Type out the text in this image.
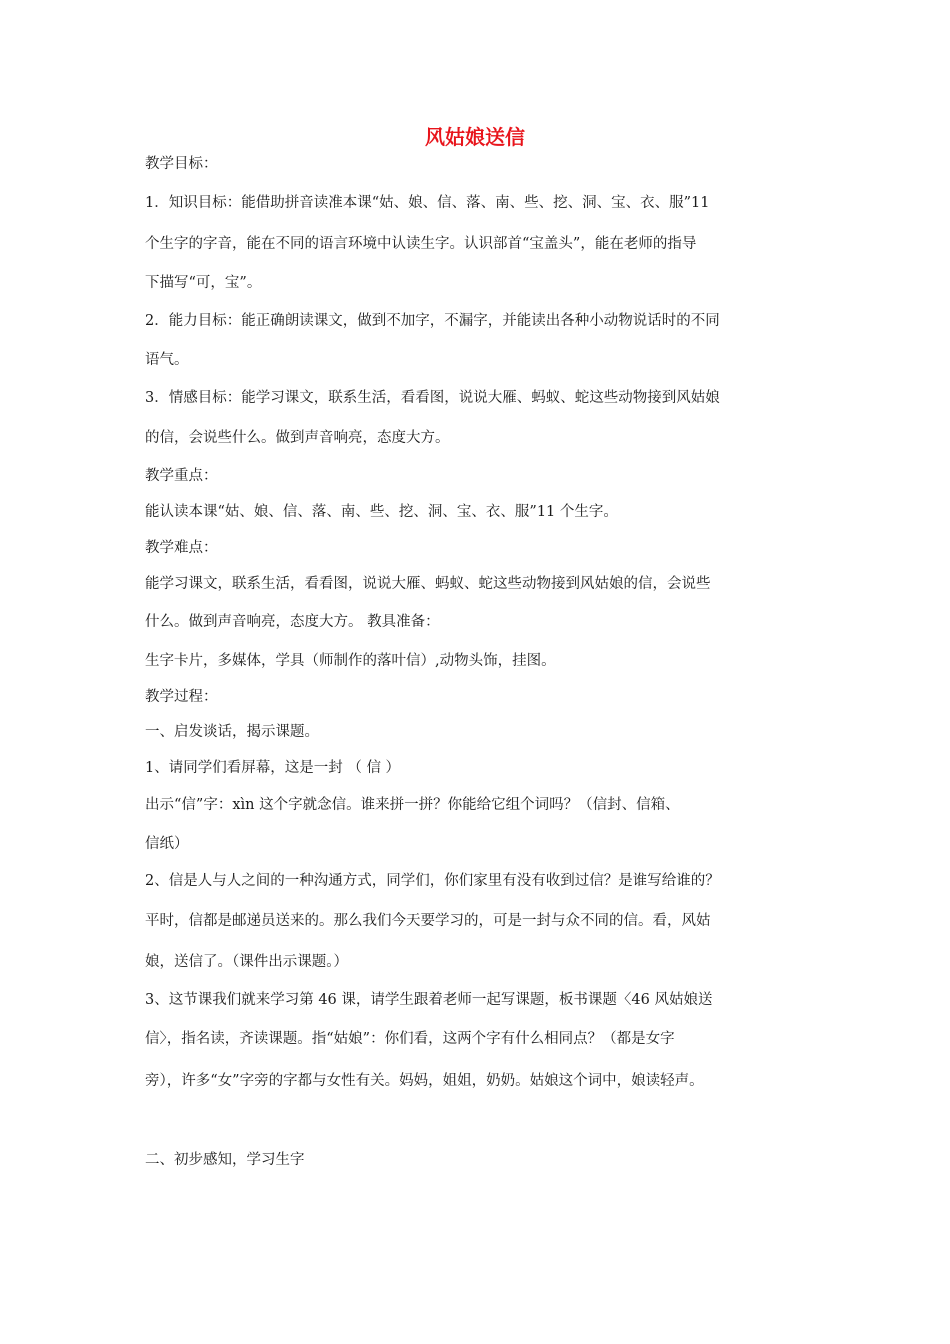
风姑娘送信

教学目标：

1．知识目标：能借助拼音读准本课“姑、娘、信、落、南、些、挖、洞、宝、衣、服”11

个生字的字音，能在不同的语言环境中认读生字。认识部首“宝盖头”，能在老师的指导

下描写“可，宝”。

2．能力目标：能正确朗读课文，做到不加字，不漏字，并能读出各种小动物说话时的不同

语气。

3．情感目标：能学习课文，联系生活，看看图，说说大雁、蚂蚁、蛇这些动物接到风姑娘

的信，会说些什么。做到声音响亮，态度大方。

教学重点：

能认读本课“姑、娘、信、落、南、些、挖、洞、宝、衣、服”11 个生字。

教学难点：

能学习课文，联系生活，看看图，说说大雁、蚂蚁、蛇这些动物接到风姑娘的信，会说些

什么。做到声音响亮，态度大方。 教具准备：

生字卡片，多媒体，学具（师制作的落叶信）,动物头饰，挂图。

教学过程：

一、启发谈话，揭示课题。

1、请同学们看屏幕，这是一封 （ 信 ）

出示“信”字：xìn 这个字就念信。谁来拼一拼？你能给它组个词吗？（信封、信箱、

信纸）

2、信是人与人之间的一种沟通方式，同学们，你们家里有没有收到过信？是谁写给谁的？

平时，信都是邮递员送来的。那么我们今天要学习的，可是一封与众不同的信。看，风姑

娘，送信了。（课件出示课题。）

3、这节课我们就来学习第 46 课，请学生跟着老师一起写课题，板书课题〈46 风姑娘送

信〉，指名读，齐读课题。指“姑娘”：你们看，这两个字有什么相同点？（都是女字

旁），许多“女”字旁的字都与女性有关。妈妈，姐姐，奶奶。姑娘这个词中，娘读轻声。

二、初步感知，学习生字
